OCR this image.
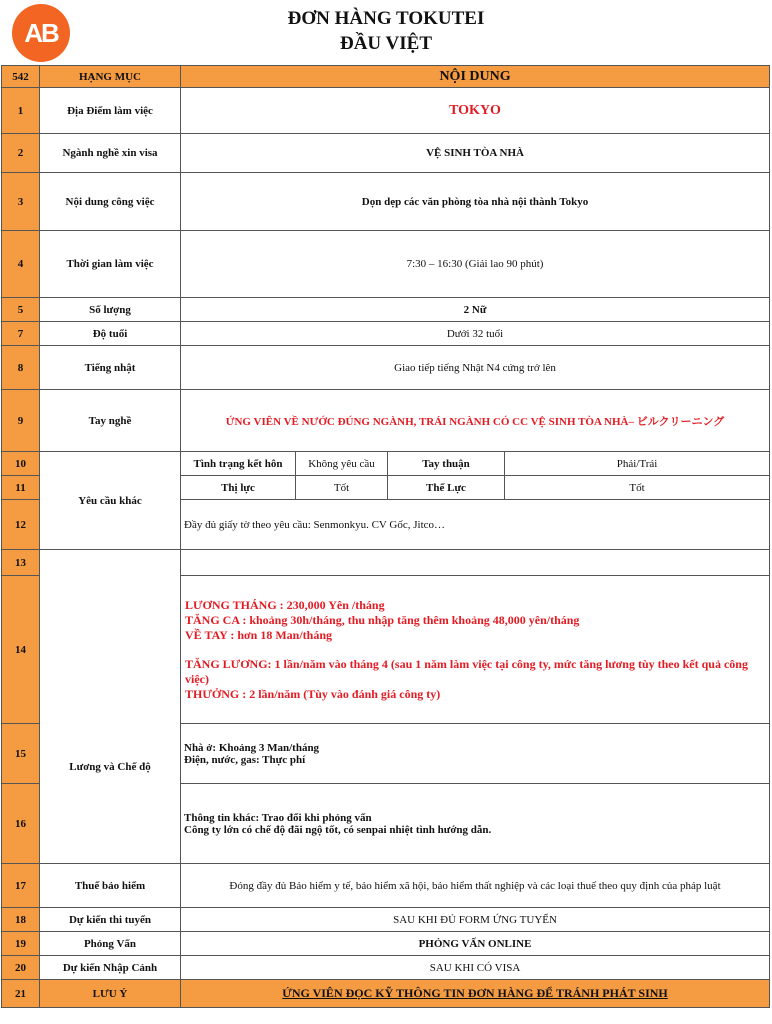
AB	ĐƠN HÀNG TOKUTEI
ĐẦU VIỆT
542	HẠNG MỤC	NỘI DUNG			
1	Địa Điểm làm việc	TOKYO			
2	Ngành nghề xin visa	VỆ SINH TÒA NHÀ			
3	Nội dung công việc	Dọn dẹp các văn phòng tòa nhà nội thành Tokyo			
4	Thời gian làm việc	7:30 – 16:30 (Giải lao 90 phút)			
5	Số lượng	2 Nữ			
7	Độ tuổi	Dưới 32 tuổi			
8	Tiếng nhật	Giao tiếp tiếng Nhật N4 cứng trở lên			
9	Tay nghề	ỨNG VIÊN VỀ NƯỚC ĐÚNG NGÀNH, TRÁI NGÀNH CÓ CC VỆ SINH TÒA NHÀ– ビルクリーニング			
10	Yêu cầu khác	Tình trạng kết hôn	Không yêu cầu	Tay thuận	Phải/Trái
11		Thị lực	Tốt	Thể Lực	Tốt
12		Đầy đủ giấy tờ theo yêu cầu: Senmonkyu. CV Gốc, Jitco…			
13	Lương và Chế độ				
14		LƯƠNG THÁNG : 230,000 Yên /tháng
TĂNG CA : khoảng 30h/tháng, thu nhập tăng thêm khoảng 48,000 yên/tháng
VỀ TAY : hơn 18 Man/tháng
TĂNG LƯƠNG: 1 lần/năm vào tháng 4 (sau 1 năm làm việc tại công ty, mức tăng lương tùy theo kết quả công việc)
THƯỞNG : 2 lần/năm (Tùy vào đánh giá công ty)			

15		Nhà ở: Khoảng 3 Man/tháng
Điện, nước, gas: Thực phí			

16		Thông tin khác: Trao đổi khi phỏng vấn
Công ty lớn có chế độ đãi ngộ tốt, có senpai nhiệt tình hướng dẫn.			

17	Thuế bảo hiểm	Đóng đầy đủ Bảo hiểm y tế, bảo hiểm xã hội, bảo hiểm thất nghiệp và các loại thuế theo quy định của pháp luật			
18	Dự kiến thi tuyển	SAU KHI ĐỦ FORM ỨNG TUYỂN			
19	Phỏng Vấn	PHỎNG VẤN ONLINE			
20	Dự kiến Nhập Cảnh	SAU KHI CÓ VISA			
21	LƯU Ý	ỨNG VIÊN ĐỌC KỸ THÔNG TIN ĐƠN HÀNG ĐỂ TRÁNH PHÁT SINH			
